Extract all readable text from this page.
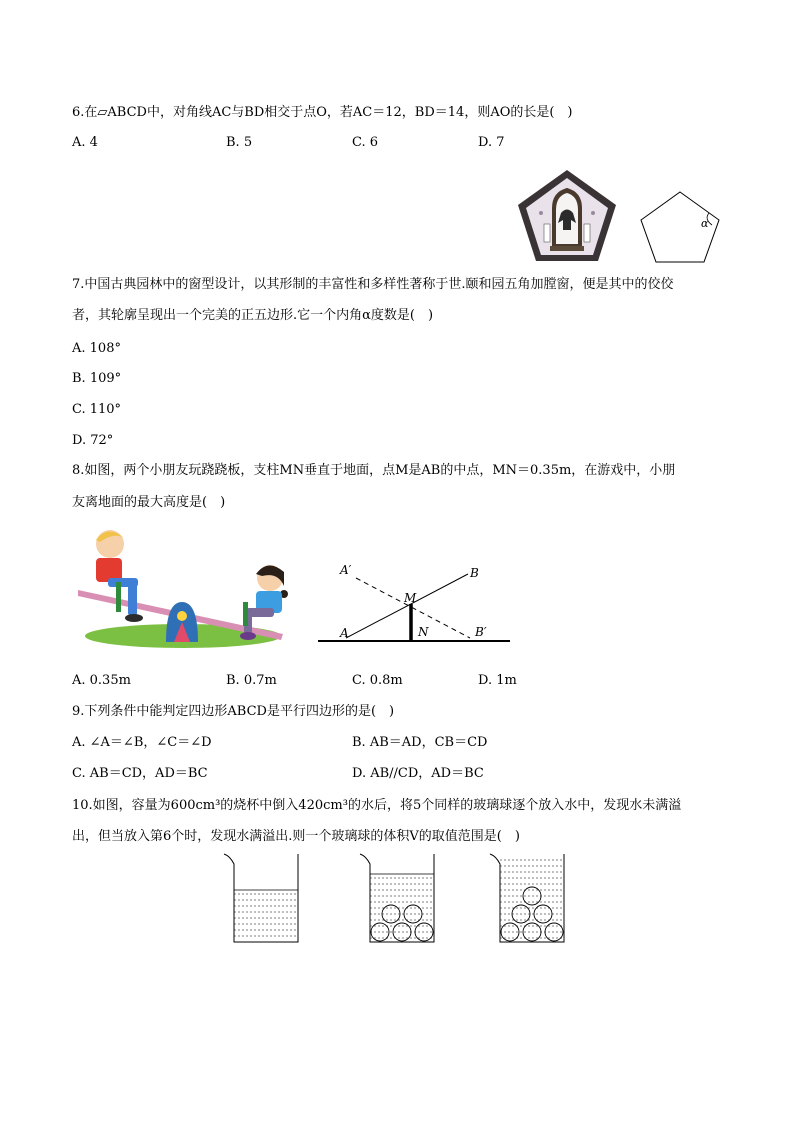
6.在▱ABCD中，对角线AC与BD相交于点O，若AC＝12，BD＝14，则AO的长是(　)
A. 4	B. 5	C. 6	D. 7
α
7.中国古典园林中的窗型设计，以其形制的丰富性和多样性著称于世.颐和园五角加膛窗，便是其中的佼佼
者，其轮廓呈现出一个完美的正五边形.它一个内角α度数是(　)
A. 108°
B. 109°
C. 110°
D. 72°
8.如图，两个小朋友玩跷跷板，支柱MN垂直于地面，点M是AB的中点，MN＝0.35m，在游戏中，小朋
友离地面的最大高度是(　)
A′	B
M
A	N	B′
A. 0.35m	B. 0.7m	C. 0.8m	D. 1m
9.下列条件中能判定四边形ABCD是平行四边形的是(　)
A. ∠A＝∠B，∠C＝∠D	B. AB＝AD，CB＝CD
C. AB＝CD，AD＝BC	D. AB//CD，AD＝BC
10.如图，容量为600cm³的烧杯中倒入420cm³的水后，将5个同样的玻璃球逐个放入水中，发现水未满溢
出，但当放入第6个时，发现水满溢出.则一个玻璃球的体积V的取值范围是(　)
